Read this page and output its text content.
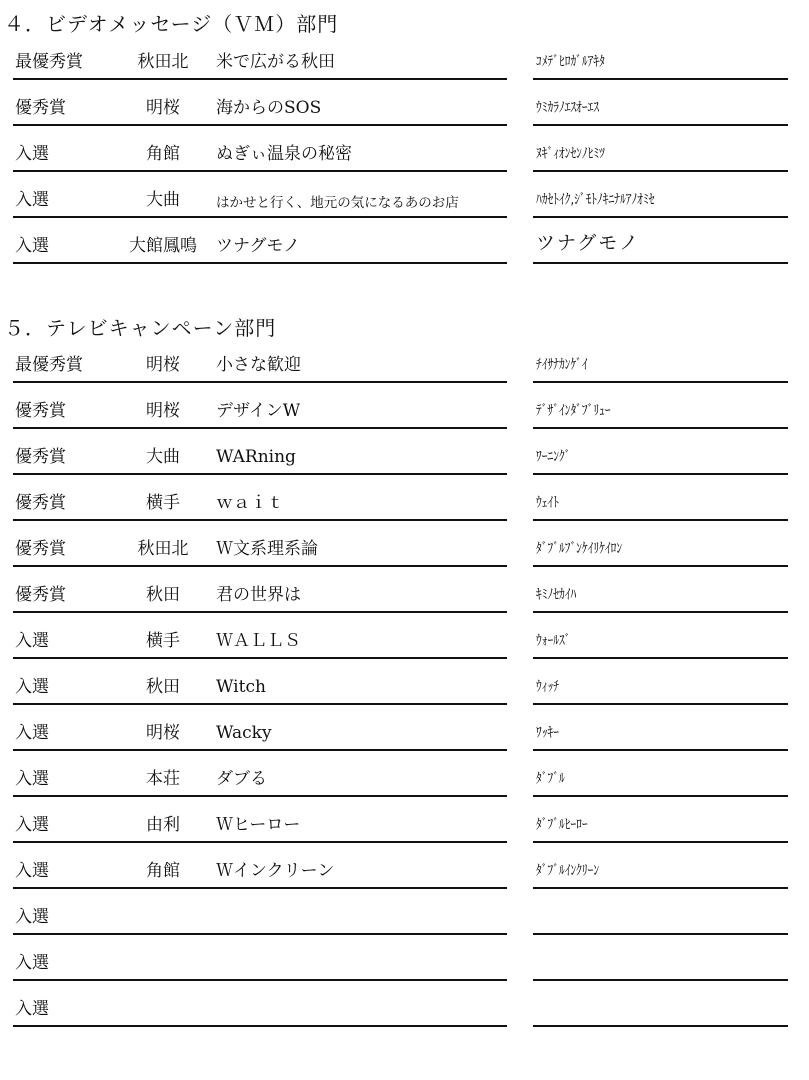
４．ビデオメッセージ（ＶＭ）部門
最優秀賞	秋田北	米で広がる秋田	ｺﾒﾃﾞﾋﾛｶﾞﾙｱｷﾀ
優秀賞	明桜	海からのSOS	ｳﾐｶﾗﾉｴｽｵｰｴｽ
入選	角館	ぬぎぃ温泉の秘密	ﾇｷﾞｨｵﾝｾﾝﾉﾋﾐﾂ
入選	大曲	はかせと行く、地元の気になるあのお店	ﾊｶｾﾄｲｸ,ｼﾞﾓﾄﾉｷﾆﾅﾙｱﾉｵﾐｾ
入選	大館鳳鳴	ツナグモノ	ツナグモノ
５．テレビキャンペーン部門
最優秀賞	明桜	小さな歓迎	ﾁｲｻﾅｶﾝｹﾞｲ
優秀賞	明桜	デザインW	ﾃﾞｻﾞｲﾝﾀﾞﾌﾞﾘｭｰ
優秀賞	大曲	WARning	ﾜｰﾆﾝｸﾞ
優秀賞	横手	ｗａｉｔ	ｳｪｲﾄ
優秀賞	秋田北	Ｗ文系理系論	ﾀﾞﾌﾞﾙﾌﾞﾝｹｲﾘｹｲﾛﾝ
優秀賞	秋田	君の世界は	ｷﾐﾉｾｶｲﾊ
入選	横手	ＷＡＬＬＳ	ｳｫｰﾙｽﾞ
入選	秋田	Witch	ｳｨｯﾁ
入選	明桜	Wacky	ﾜｯｷｰ
入選	本荘	ダブる	ﾀﾞﾌﾞﾙ
入選	由利	Ｗヒーロー	ﾀﾞﾌﾞﾙﾋｰﾛｰ
入選	角館	Ｗインクリーン	ﾀﾞﾌﾞﾙｲﾝｸﾘｰﾝ
入選
入選
入選
